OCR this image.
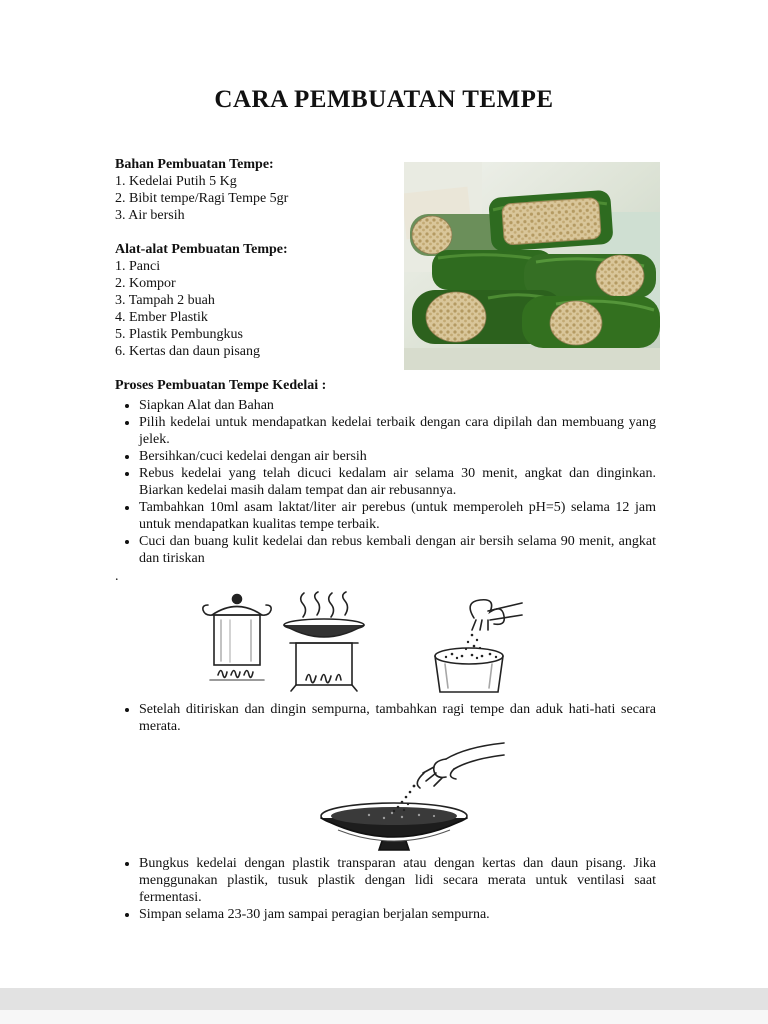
CARA PEMBUATAN TEMPE
Bahan Pembuatan Tempe:
1. Kedelai Putih 5 Kg
2. Bibit tempe/Ragi Tempe 5gr
3. Air bersih
Alat-alat Pembuatan Tempe:
1. Panci
2. Kompor
3. Tampah 2 buah
4. Ember Plastik
5. Plastik Pembungkus
6. Kertas dan daun pisang
Proses Pembuatan Tempe Kedelai :
• Siapkan Alat dan Bahan
• Pilih kedelai untuk mendapatkan kedelai terbaik dengan cara dipilah dan membuang yang jelek.
• Bersihkan/cuci kedelai dengan air bersih
• Rebus kedelai yang telah dicuci kedalam air selama 30 menit, angkat dan dinginkan. Biarkan kedelai masih dalam tempat dan air rebusannya.
• Tambahkan 10ml asam laktat/liter air perebus (untuk memperoleh pH=5) selama 12 jam untuk mendapatkan kualitas tempe terbaik.
• Cuci dan buang kulit kedelai dan rebus kembali dengan air bersih selama 90 menit, angkat dan tiriskan
.
• Setelah ditiriskan dan dingin sempurna, tambahkan ragi tempe dan aduk hati-hati secara merata.
• Bungkus kedelai dengan plastik transparan atau dengan kertas dan daun pisang. Jika menggunakan plastik, tusuk plastik dengan lidi secara merata untuk ventilasi saat fermentasi.
• Simpan selama 23-30 jam sampai peragian berjalan sempurna.
